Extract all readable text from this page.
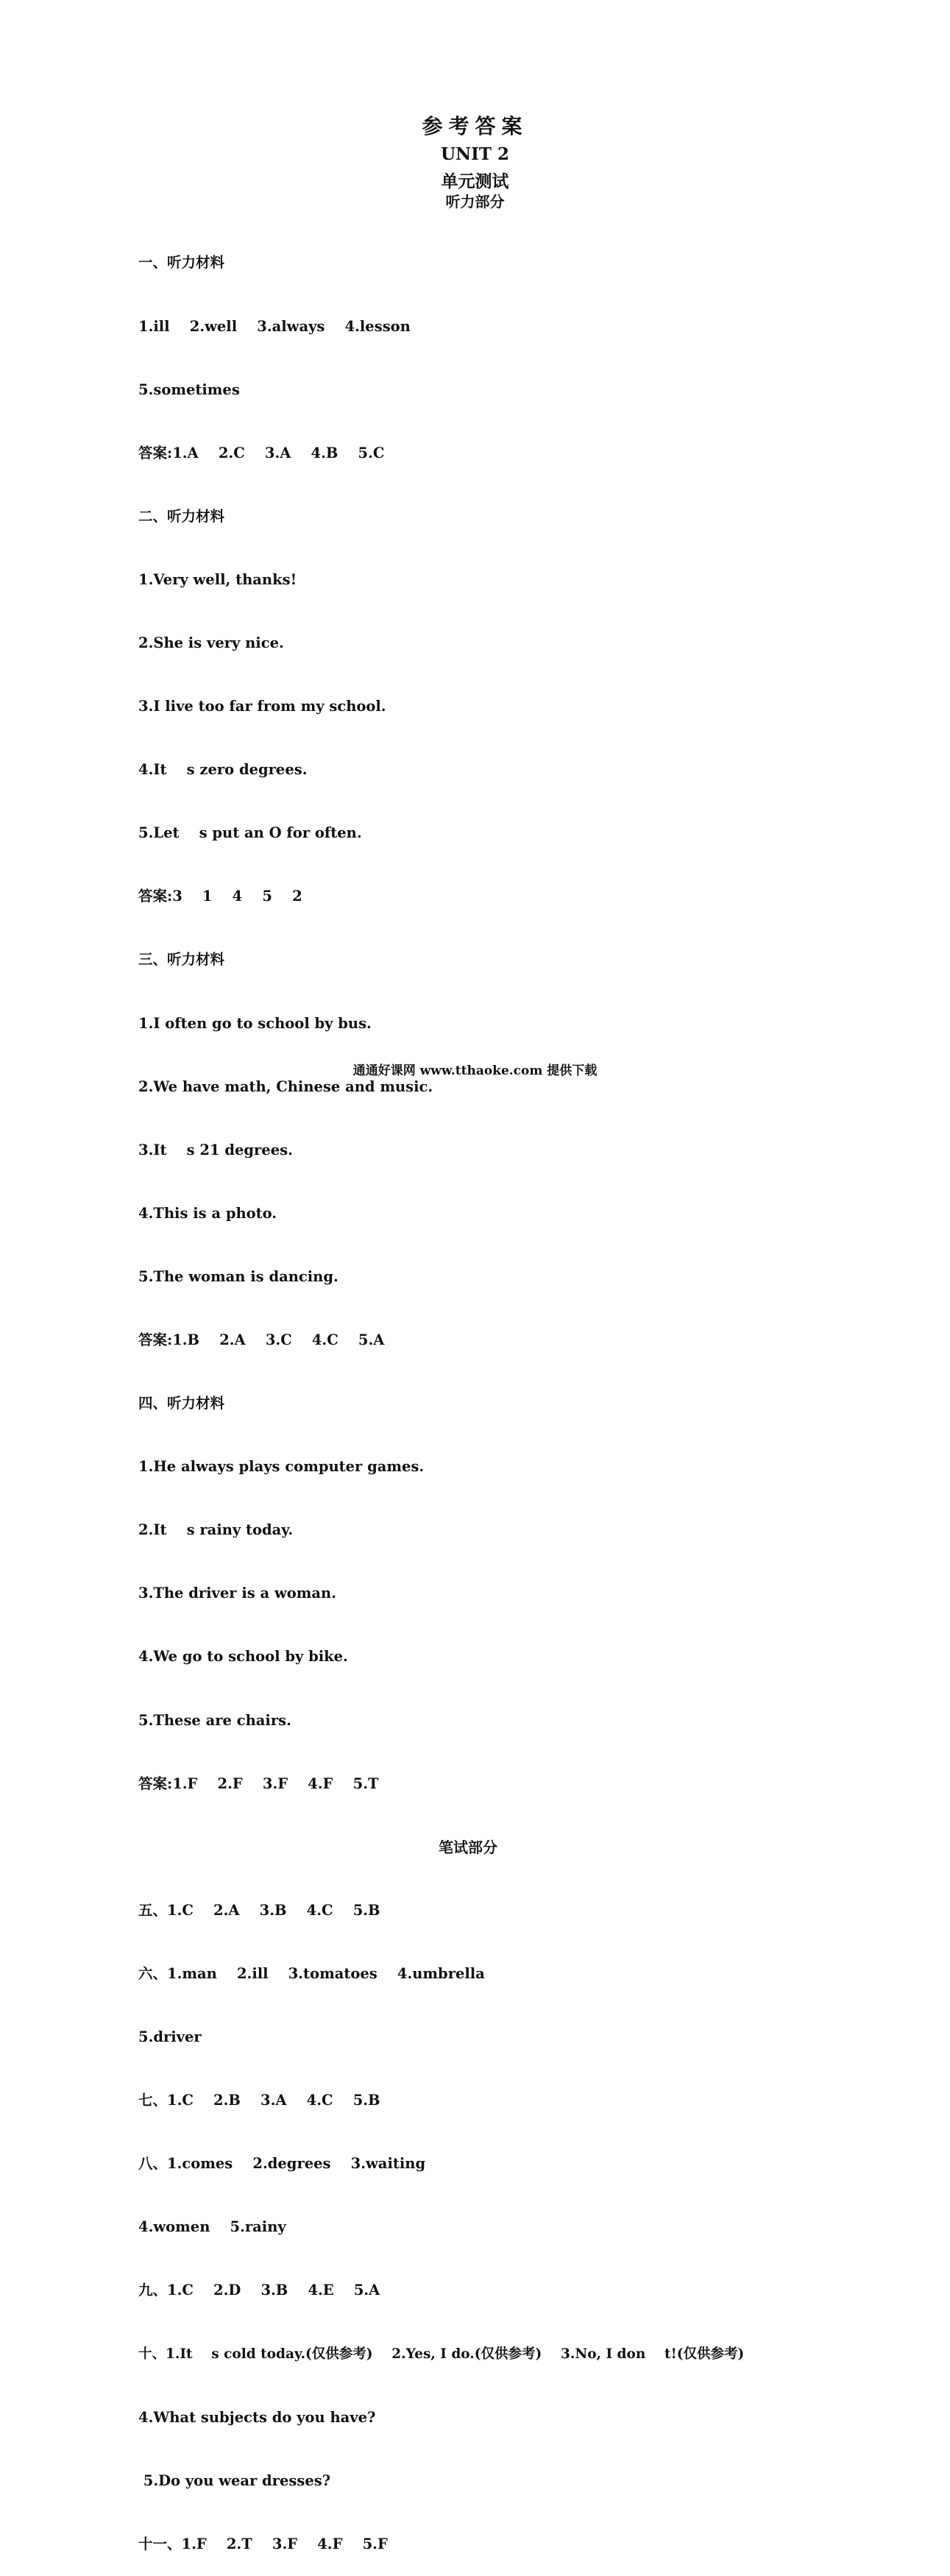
参考答案
UNIT 2
单元测试
听力部分

一、听力材料

1.ill    2.well    3.always    4.lesson

5.sometimes

答案:1.A    2.C    3.A    4.B    5.C

二、听力材料

1.Very well, thanks!

2.She is very nice.

3.I live too far from my school.

4.It    s zero degrees.

5.Let    s put an O for often.

答案:3    1    4    5    2

三、听力材料

1.I often go to school by bus.

2.We have math, Chinese and music.

3.It    s 21 degrees.

4.This is a photo.

5.The woman is dancing.

答案:1.B    2.A    3.C    4.C    5.A

四、听力材料

1.He always plays computer games.

2.It    s rainy today.

3.The driver is a woman.

4.We go to school by bike.

5.These are chairs.

答案:1.F    2.F    3.F    4.F    5.T

笔试部分

五、1.C    2.A    3.B    4.C    5.B

六、1.man    2.ill    3.tomatoes    4.umbrella

5.driver

七、1.C    2.B    3.A    4.C    5.B

八、1.comes    2.degrees    3.waiting

4.women    5.rainy

九、1.C    2.D    3.B    4.E    5.A

十、1.It    s cold today.(仅供参考)    2.Yes, I do.(仅供参考)    3.No, I don    t!(仅供参考)

4.What subjects do you have?

5.Do you wear dresses?

十一、1.F    2.T    3.F    4.F    5.F

通通好课网 www.tthaoke.com 提供下载
